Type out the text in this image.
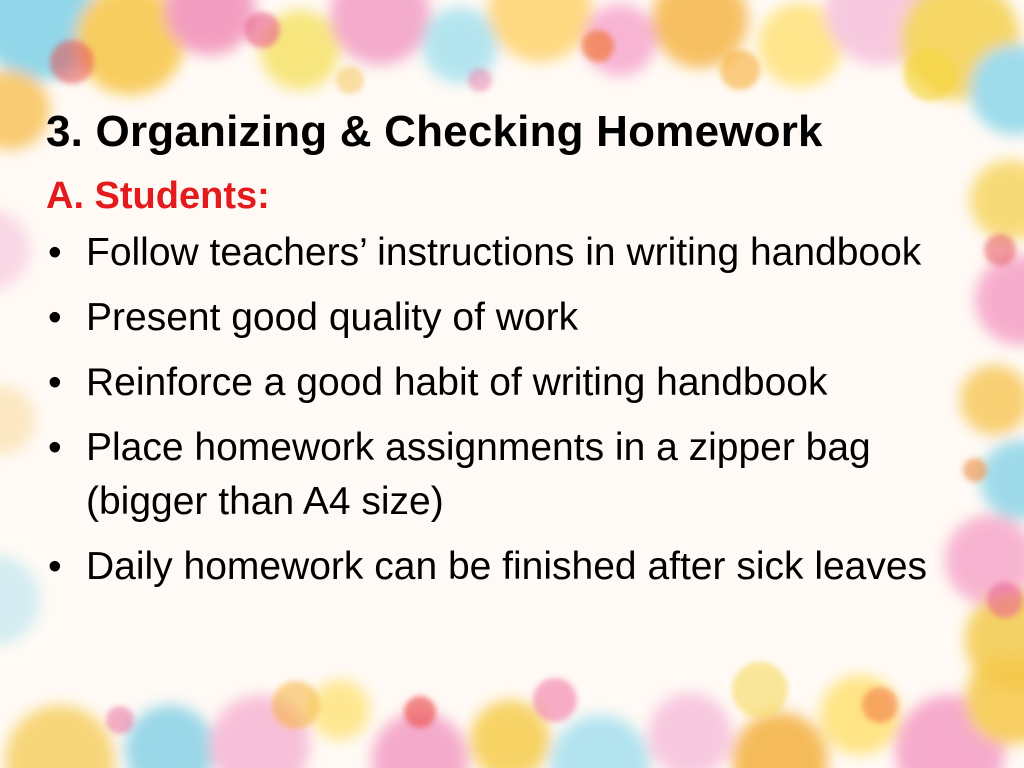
3. Organizing & Checking Homework
A. Students:
• Follow teachers’ instructions in writing handbook
• Present good quality of work
• Reinforce a good habit of writing handbook
• Place homework assignments in a zipper bag (bigger than A4 size)
• Daily homework can be finished after sick leaves
